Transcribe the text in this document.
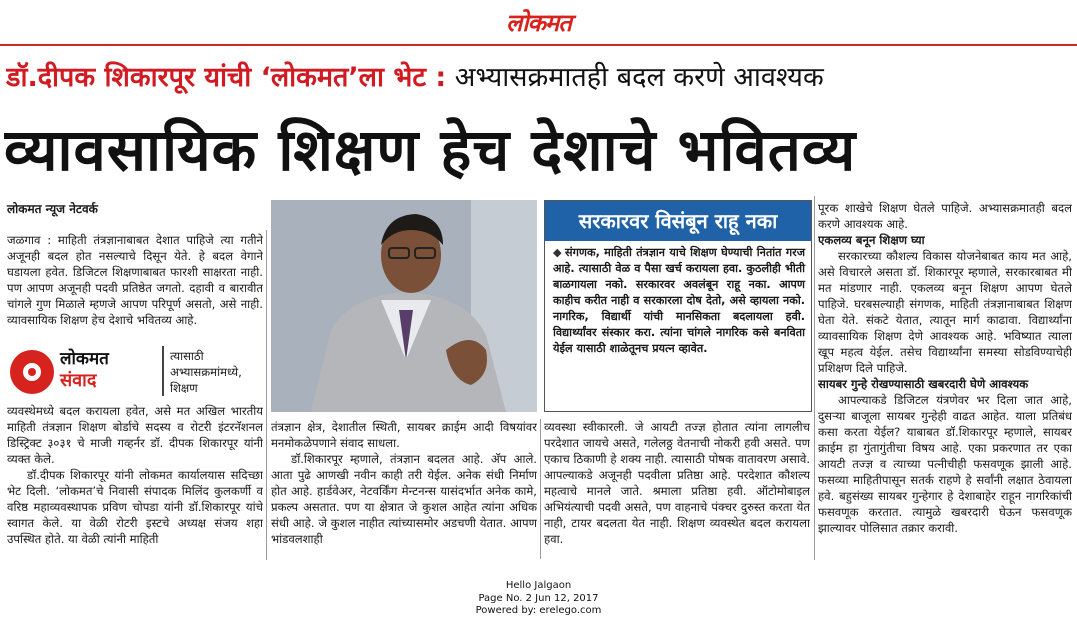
लोकमत
डॉ.दीपक शिकारपूर यांची ‘लोकमत’ला भेट : अभ्यासक्रमातही बदल करणे आवश्यक
व्यावसायिक शिक्षण हेच देशाचे भवितव्य
लोकमत न्यूज नेटवर्क

जळगाव : माहिती तंत्रज्ञानाबाबत देशात पाहिजे त्या गतीने अजूनही बदल होत नसल्याचे दिसून येते. हे बदल वेगाने घडायला हवेत. डिजिटल शिक्षणाबाबत फारशी साक्षरता नाही. पण आपण अजूनही पदवी प्रतिष्ठेत जगतो. दहावी व बारावीत चांगले गुण मिळाले म्हणजे आपण परिपूर्ण असतो, असे नाही. व्यावसायिक शिक्षण हेच देशाचे भवितव्य आहे.

लोकमत
संवाद

त्यासाठी अभ्यासक्रमांमध्ये, शिक्षण

व्यवस्थेमध्ये बदल करायला हवेत, असे मत अखिल भारतीय माहिती तंत्रज्ञान शिक्षण बोर्डाचे सदस्य व रोटरी इंटरनॅशनल डिस्ट्रिक्ट ३०३१ चे माजी गव्हर्नर डॉ. दीपक शिकारपूर यांनी व्यक्त केले.

डॉ.दीपक शिकारपूर यांनी लोकमत कार्यालयास सदिच्छा भेट दिली. ‘लोकमत’चे निवासी संपादक मिलिंद कुलकर्णी व वरिष्ठ महाव्यवस्थापक प्रविण चोपडा यांनी डॉ.शिकारपूर यांचे स्वागत केले. या वेळी रोटरी इस्टचे अध्यक्ष संजय शहा उपस्थित होते. या वेळी त्यांनी माहिती

तंत्रज्ञान क्षेत्र, देशातील स्थिती, सायबर क्राईम आदी विषयांवर मनमोकळेपणाने संवाद साधला.

डॉ.शिकारपूर म्हणाले, तंत्रज्ञान बदलत आहे. अ‍ॅप आले. आता पुढे आणखी नवीन काही तरी येईल. अनेक संधी निर्माण होत आहे. हार्डवेअर, नेटवर्किंग मेन्टनन्स यासंदर्भात अनेक कामे, प्रकल्प असतात. पण या क्षेत्रात जे कुशल आहेत त्यांना अधिक संधी आहे. जे कुशल नाहीत त्यांच्यासमोर अडचणी येतात. आपण भांडवलशाही

सरकारवर विसंबून राहू नका
◆ संगणक, माहिती तंत्रज्ञान याचे शिक्षण घेण्याची नितांत गरज आहे. त्यासाठी वेळ व पैसा खर्च करायला हवा. कुठलीही भीती बाळगायला नको. सरकारवर अवलंबून राहू नका. आपण काहीच करीत नाही व सरकारला दोष देतो, असे व्हायला नको. नागरिक, विद्यार्थी यांची मानसिकता बदलायला हवी. विद्यार्थ्यांवर संस्कार करा. त्यांना चांगले नागरिक कसे बनविता येईल यासाठी शाळेतूनच प्रयत्न व्हावेत.

व्यवस्था स्वीकारली. जे आयटी तज्ज्ञ होतात त्यांना लागलीच परदेशात जायचे असते, गलेलठ्ठ वेतनाची नोकरी हवी असते. पण एकाच ठिकाणी हे शक्य नाही. त्यासाठी पोषक वातावरण असावे. आपल्याकडे अजूनही पदवीला प्रतिष्ठा आहे. परदेशात कौशल्य महत्वाचे मानले जाते. श्रमाला प्रतिष्ठा हवी. ऑटोमोबाइल अभियंत्याची पदवी असते, पण वाहनाचे पंक्चर दुरुस्त करता येत नाही, टायर बदलता येत नाही. शिक्षण व्यवस्थेत बदल करायला हवा.

पूरक शाखेचे शिक्षण घेतले पाहिजे. अभ्यासक्रमातही बदल करणे आवश्यक आहे.

एकलव्य बनून शिक्षण घ्या

सरकारच्या कौशल्य विकास योजनेबाबत काय मत आहे, असे विचारले असता डॉ. शिकारपूर म्हणाले, सरकारबाबत मी मत मांडणार नाही. एकलव्य बनून शिक्षण आपण घेतले पाहिजे. घरबसल्याही संगणक, माहिती तंत्रज्ञानाबाबत शिक्षण घेता येते. संकटे येतात, त्यातून मार्ग काढावा. विद्यार्थ्यांना व्यावसायिक शिक्षण देणे आवश्यक आहे. भविष्यात त्याला खूप महत्व येईल. तसेच विद्यार्थ्यांना समस्या सोडविण्याचेही प्रशिक्षण दिले पाहिजे.

सायबर गुन्हे रोखण्यासाठी खबरदारी घेणे आवश्यक

आपल्याकडे डिजिटल यंत्रणेवर भर दिला जात आहे, दुसऱ्या बाजूला सायबर गुन्हेही वाढत आहेत. याला प्रतिबंध कसा करता येईल? याबाबत डॉ.शिकारपूर म्हणाले, सायबर क्राईम हा गुंतागुंतीचा विषय आहे. एका प्रकरणात तर एका आयटी तज्ज्ञ व त्याच्या पत्नीचीही फसवणूक झाली आहे. फसव्या माहितीपासून सतर्क राहणे हे सर्वांनी लक्षात ठेवायला हवे. बहुसंख्य सायबर गुन्हेगार हे देशाबाहेर राहून नागरिकांची फसवणूक करतात. त्यामुळे खबरदारी घेऊन फसवणूक झाल्यावर पोलिसात तक्रार करावी.

Hello Jalgaon
Page No. 2 Jun 12, 2017
Powered by: erelego.com
